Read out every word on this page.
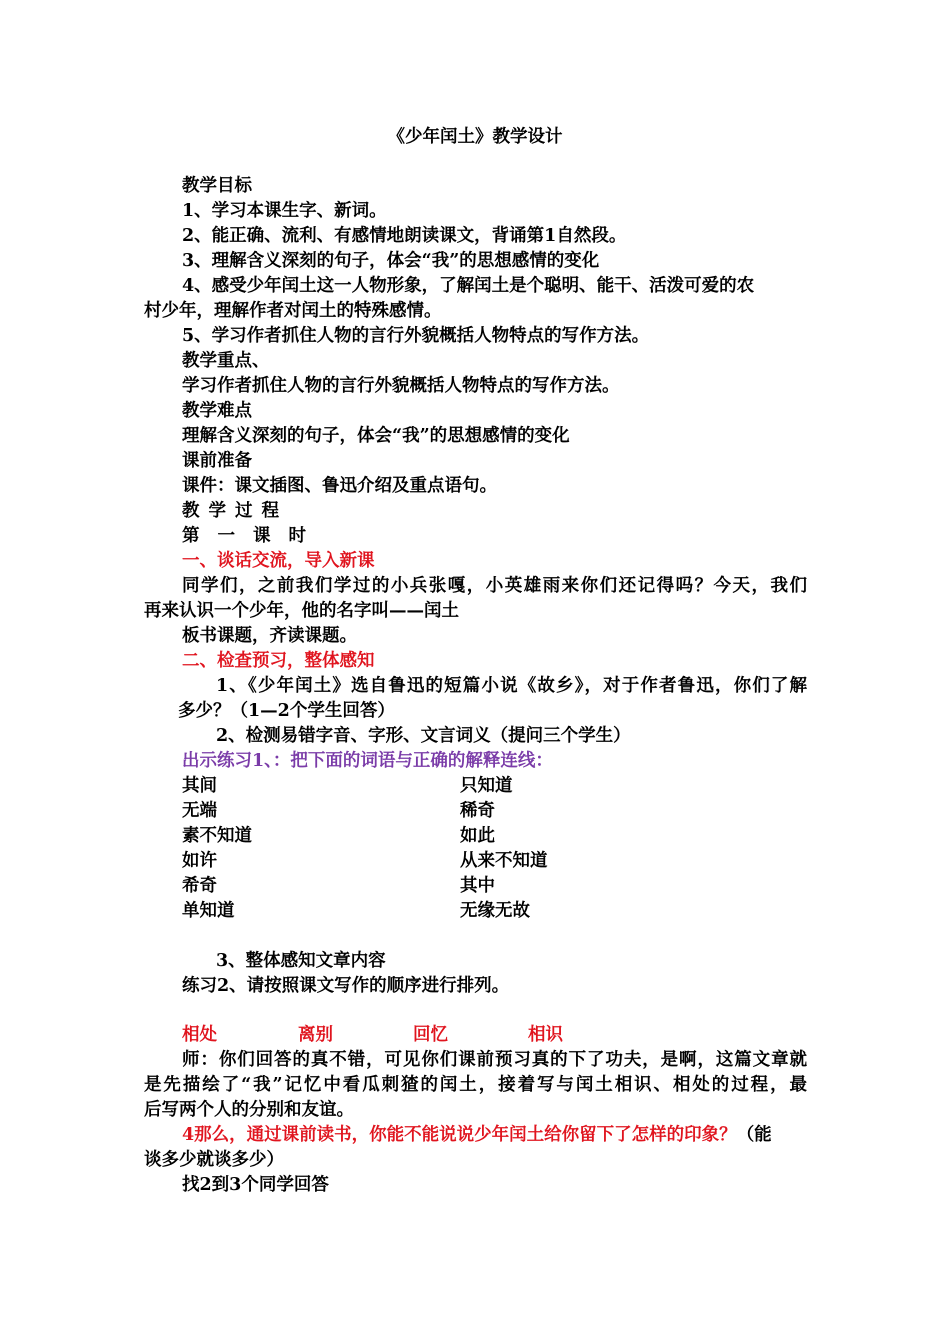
《少年闰土》教学设计
教学目标
1、学习本课生字、新词。
2、能正确、流利、有感情地朗读课文，背诵第1自然段。
3、理解含义深刻的句子，体会“我”的思想感情的变化
4、感受少年闰土这一人物形象，了解闰土是个聪明、能干、活泼可爱的农
村少年，理解作者对闰土的特殊感情。
5、学习作者抓住人物的言行外貌概括人物特点的写作方法。
教学重点、
学习作者抓住人物的言行外貌概括人物特点的写作方法。
教学难点
理解含义深刻的句子，体会“我”的思想感情的变化
课前准备
课件：课文插图、鲁迅介绍及重点语句。
教学过程
第一课时
一、谈话交流，导入新课
同学们，之前我们学过的小兵张嘎，小英雄雨来你们还记得吗？今天，我们
再来认识一个少年，他的名字叫——闰土
板书课题，齐读课题。
二、检查预习，整体感知
1、《少年闰土》选自鲁迅的短篇小说《故乡》，对于作者鲁迅，你们了解
多少？（1—2个学生回答）
2、检测易错字音、字形、文言词义（提问三个学生）
出示练习1、：把下面的词语与正确的解释连线：
其间	只知道
无端	稀奇
素不知道	如此
如许	从来不知道
希奇	其中
单知道	无缘无故
3、整体感知文章内容
练习2、请按照课文写作的顺序进行排列。
相处	离别	回忆	相识
师：你们回答的真不错，可见你们课前预习真的下了功夫，是啊，这篇文章就
是先描绘了“我”记忆中看瓜刺猹的闰土，接着写与闰土相识、相处的过程，最
后写两个人的分别和友谊。
4那么，通过课前读书，你能不能说说少年闰土给你留下了怎样的印象？（能
谈多少就谈多少）
找2到3个同学回答
